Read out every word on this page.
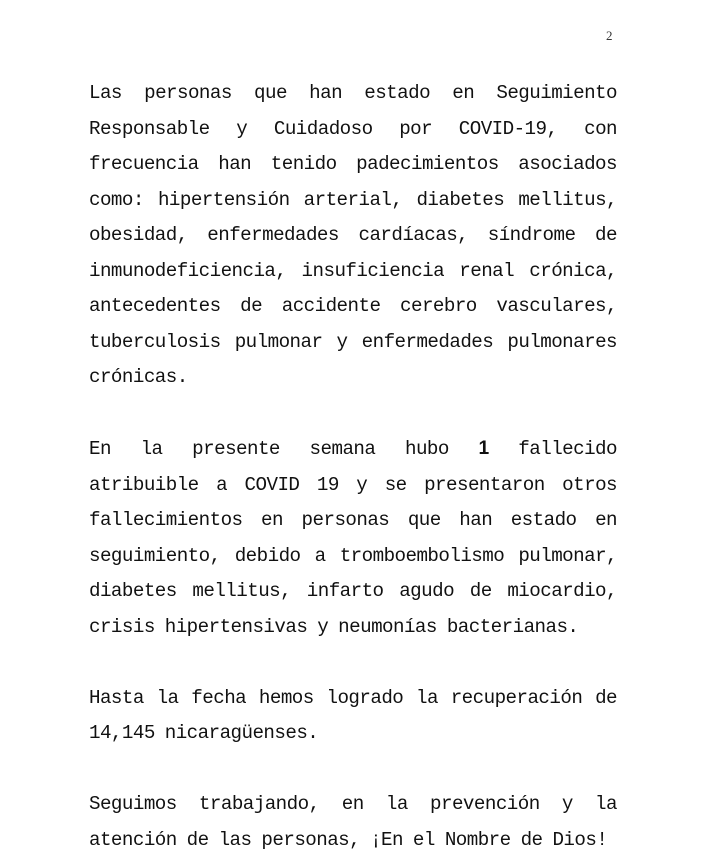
2

Las personas que han estado en Seguimiento Responsable y Cuidadoso por COVID-19, con frecuencia han tenido padecimientos asociados como: hipertensión arterial, diabetes mellitus, obesidad, enfermedades cardíacas, síndrome de inmunodeficiencia, insuficiencia renal crónica, antecedentes de accidente cerebro vasculares, tuberculosis pulmonar y enfermedades pulmonares crónicas.

En la presente semana hubo 1 fallecido atribuible a COVID 19 y se presentaron otros fallecimientos en personas que han estado en seguimiento, debido a tromboembolismo pulmonar, diabetes mellitus, infarto agudo de miocardio, crisis hipertensivas y neumonías bacterianas.

Hasta la fecha hemos logrado la recuperación de 14,145 nicaragüenses.

Seguimos trabajando, en la prevención y la atención de las personas, ¡En el Nombre de Dios!
